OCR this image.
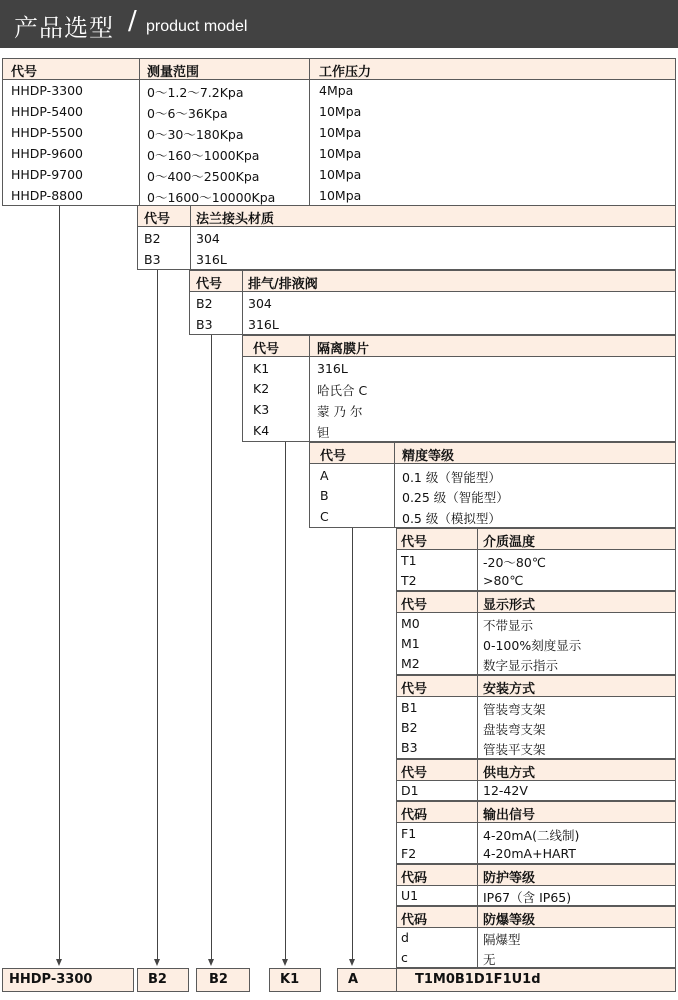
产品选型 / product model
代号	测量范围	工作压力
HHDP-3300	0～1.2～7.2Kpa	4Mpa
HHDP-5400	0～6～36Kpa	10Mpa
HHDP-5500	0～30～180Kpa	10Mpa
HHDP-9600	0～160～1000Kpa	10Mpa
HHDP-9700	0～400～2500Kpa	10Mpa
HHDP-8800	0～1600～10000Kpa	10Mpa
代号 法兰接头材质
B2	304
B3	316L
代号 排气/排液阀
B2	304
B3	316L
代号	隔离膜片
K1	316L
K2	哈氏合 C
K3	蒙 乃 尔
K4	钽
代号	精度等级
A	0.1 级（智能型）
B	0.25 级（智能型）
C	0.5 级（模拟型）
代号	介质温度
T1	-20～80℃
T2	>80℃
代号	显示形式
M0	不带显示
M1	0-100%刻度显示
M2	数字显示指示
代号	安装方式
B1	管装弯支架
B2	盘装弯支架
B3	管装平支架
代号	供电方式
D1	12-42V
代码	输出信号
F1	4-20mA(二线制)
F2	4-20mA+HART
代码	防护等级
U1	IP67（含 IP65)
代码	防爆等级
d	隔爆型
c	无
HHDP-3300	B2	B2	K1	A	T1M0B1D1F1U1d
